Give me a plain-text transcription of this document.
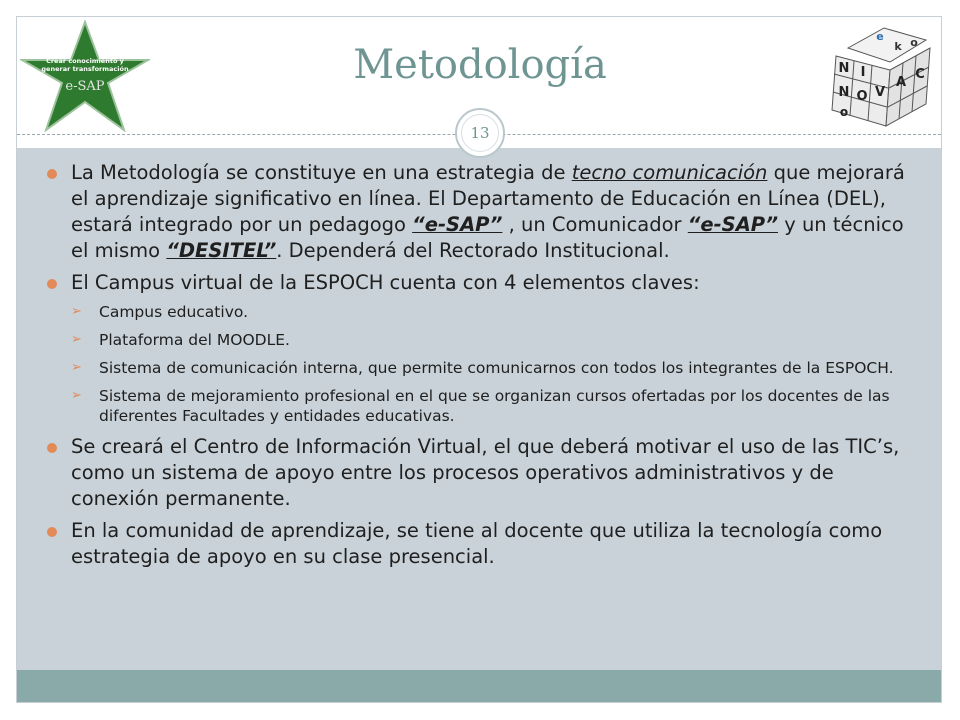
Crear conocimiento y
generar transformación
e-SAP
e
k o
N I
V
A
C
O
N
o
Metodología
13
La Metodología se constituye en una estrategia de tecno comunicación que mejorará el aprendizaje significativo en línea. El Departamento de Educación en Línea (DEL), estará integrado por un pedagogo “e-SAP” , un Comunicador “e-SAP” y un técnico el mismo “DESITEL”. Dependerá del Rectorado Institucional.
El Campus virtual de la ESPOCH cuenta con 4 elementos claves:
➢ Campus educativo.
➢ Plataforma del MOODLE.
➢ Sistema de comunicación interna, que permite comunicarnos con todos los integrantes de la ESPOCH.
➢ Sistema de mejoramiento profesional en el que se organizan cursos ofertadas por los docentes de las diferentes Facultades y entidades educativas.
Se creará el Centro de Información Virtual, el que deberá motivar el uso de las TIC’s, como un sistema de apoyo entre los procesos operativos administrativos y de conexión permanente.
En la comunidad de aprendizaje, se tiene al docente que utiliza la tecnología como estrategia de apoyo en su clase presencial.
